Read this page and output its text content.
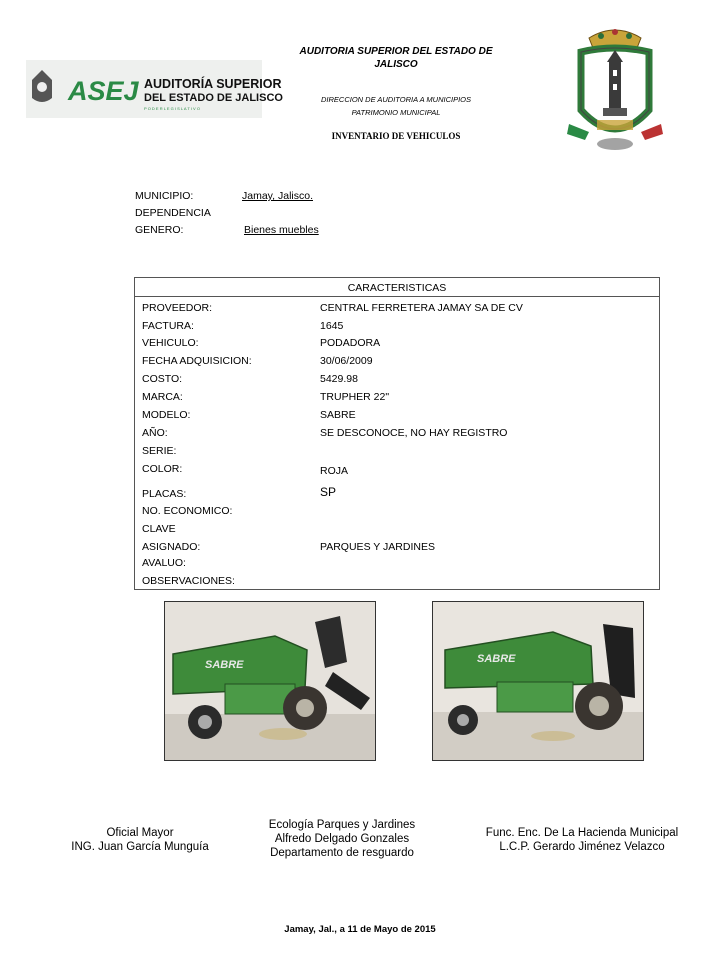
ASEJ AUDITORÍA SUPERIOR
DEL ESTADO DE JALISCO
P O D E R L E G I S L A T I V O
AUDITORIA SUPERIOR DEL ESTADO DE JALISCO
DIRECCION DE AUDITORIA A MUNICIPIOS
PATRIMONIO MUNICIPAL
INVENTARIO DE VEHICULOS
MUNICIPIO:	Jamay, Jalisco.
DEPENDENCIA
GENERO:	Bienes muebles
CARACTERISTICAS
PROVEEDOR:	CENTRAL FERRETERA JAMAY SA DE CV
FACTURA:	1645
VEHICULO:	PODADORA
FECHA ADQUISICION:	30/06/2009
COSTO:	5429.98
MARCA:	TRUPHER 22"
MODELO:	SABRE
AÑO:	SE DESCONOCE, NO HAY REGISTRO
SERIE:
COLOR:	ROJA
PLACAS:	SP
NO. ECONOMICO:
CLAVE
ASIGNADO:	PARQUES Y JARDINES
AVALUO:
OBSERVACIONES:
SABRE	SABRE
Oficial Mayor
ING. Juan García Munguía
Ecología Parques y Jardines
Alfredo Delgado Gonzales
Departamento de resguardo
Func. Enc. De La Hacienda Municipal
L.C.P. Gerardo Jiménez Velazco
Jamay, Jal., a 11 de Mayo de 2015
